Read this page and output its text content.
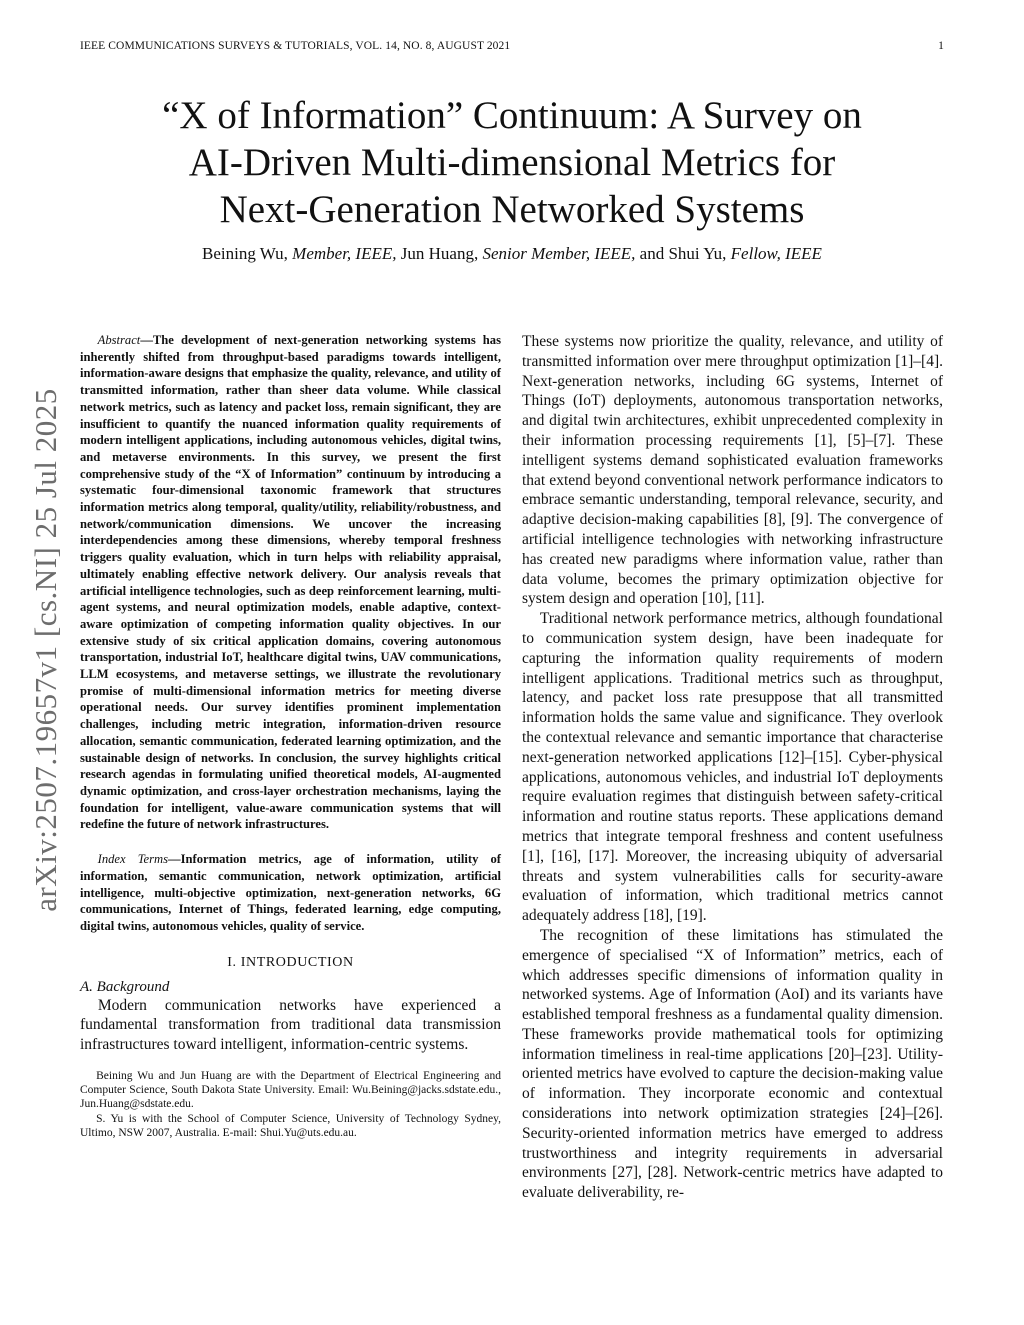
IEEE COMMUNICATIONS SURVEYS & TUTORIALS, VOL. 14, NO. 8, AUGUST 2021	1
arXiv:2507.19657v1 [cs.NI] 25 Jul 2025
“X of Information” Continuum: A Survey on
AI-Driven Multi-dimensional Metrics for
Next-Generation Networked Systems
Beining Wu, Member, IEEE, Jun Huang, Senior Member, IEEE, and Shui Yu, Fellow, IEEE

Abstract—The development of next-generation networking systems has inherently shifted from throughput-based paradigms towards intelligent, information-aware designs that emphasize the quality, relevance, and utility of transmitted information, rather than sheer data volume. While classical network metrics, such as latency and packet loss, remain significant, they are insufficient to quantify the nuanced information quality requirements of modern intelligent applications, including autonomous vehicles, digital twins, and metaverse environments. In this survey, we present the first comprehensive study of the “X of Information” continuum by introducing a systematic four-dimensional taxonomic framework that structures information metrics along temporal, quality/utility, reliability/robustness, and network/communication dimensions. We uncover the increasing interdependencies among these dimensions, whereby temporal freshness triggers quality evaluation, which in turn helps with reliability appraisal, ultimately enabling effective network delivery. Our analysis reveals that artificial intelligence technologies, such as deep reinforcement learning, multi-agent systems, and neural optimization models, enable adaptive, context-aware optimization of competing information quality objectives. In our extensive study of six critical application domains, covering autonomous transportation, industrial IoT, healthcare digital twins, UAV communications, LLM ecosystems, and metaverse settings, we illustrate the revolutionary promise of multi-dimensional information metrics for meeting diverse operational needs. Our survey identifies prominent implementation challenges, including metric integration, information-driven resource allocation, semantic communication, federated learning optimization, and the sustainable design of networks. In conclusion, the survey highlights critical research agendas in formulating unified theoretical models, AI-augmented dynamic optimization, and cross-layer orchestration mechanisms, laying the foundation for intelligent, value-aware communication systems that will redefine the future of network infrastructures.

Index Terms—Information metrics, age of information, utility of information, semantic communication, network optimization, artificial intelligence, multi-objective optimization, next-generation networks, 6G communications, Internet of Things, federated learning, edge computing, digital twins, autonomous vehicles, quality of service.

I. INTRODUCTION
A. Background

Modern communication networks have experienced a fundamental transformation from traditional data transmission infrastructures toward intelligent, information-centric systems.

Beining Wu and Jun Huang are with the Department of Electrical Engineering and Computer Science, South Dakota State University. Email: Wu.Beining@jacks.sdstate.edu., Jun.Huang@sdstate.edu.

S. Yu is with the School of Computer Science, University of Technology Sydney, Ultimo, NSW 2007, Australia. E-mail: Shui.Yu@uts.edu.au.

These systems now prioritize the quality, relevance, and utility of transmitted information over mere throughput optimization [1]–[4]. Next-generation networks, including 6G systems, Internet of Things (IoT) deployments, autonomous transportation networks, and digital twin architectures, exhibit unprecedented complexity in their information processing requirements [1], [5]–[7]. These intelligent systems demand sophisticated evaluation frameworks that extend beyond conventional network performance indicators to embrace semantic understanding, temporal relevance, security, and adaptive decision-making capabilities [8], [9]. The convergence of artificial intelligence technologies with networking infrastructure has created new paradigms where information value, rather than data volume, becomes the primary optimization objective for system design and operation [10], [11].

Traditional network performance metrics, although foundational to communication system design, have been inadequate for capturing the information quality requirements of modern intelligent applications. Traditional metrics such as throughput, latency, and packet loss rate presuppose that all transmitted information holds the same value and significance. They overlook the contextual relevance and semantic importance that characterise next-generation networked applications [12]–[15]. Cyber-physical applications, autonomous vehicles, and industrial IoT deployments require evaluation regimes that distinguish between safety-critical information and routine status reports. These applications demand metrics that integrate temporal freshness and content usefulness [1], [16], [17]. Moreover, the increasing ubiquity of adversarial threats and system vulnerabilities calls for security-aware evaluation of information, which traditional metrics cannot adequately address [18], [19].

The recognition of these limitations has stimulated the emergence of specialised “X of Information” metrics, each of which addresses specific dimensions of information quality in networked systems. Age of Information (AoI) and its variants have established temporal freshness as a fundamental quality dimension. These frameworks provide mathematical tools for optimizing information timeliness in real-time applications [20]–[23]. Utility-oriented metrics have evolved to capture the decision-making value of information. They incorporate economic and contextual considerations into network optimization strategies [24]–[26]. Security-oriented information metrics have emerged to address trustworthiness and integrity requirements in adversarial environments [27], [28]. Network-centric metrics have adapted to evaluate deliverability, re-
